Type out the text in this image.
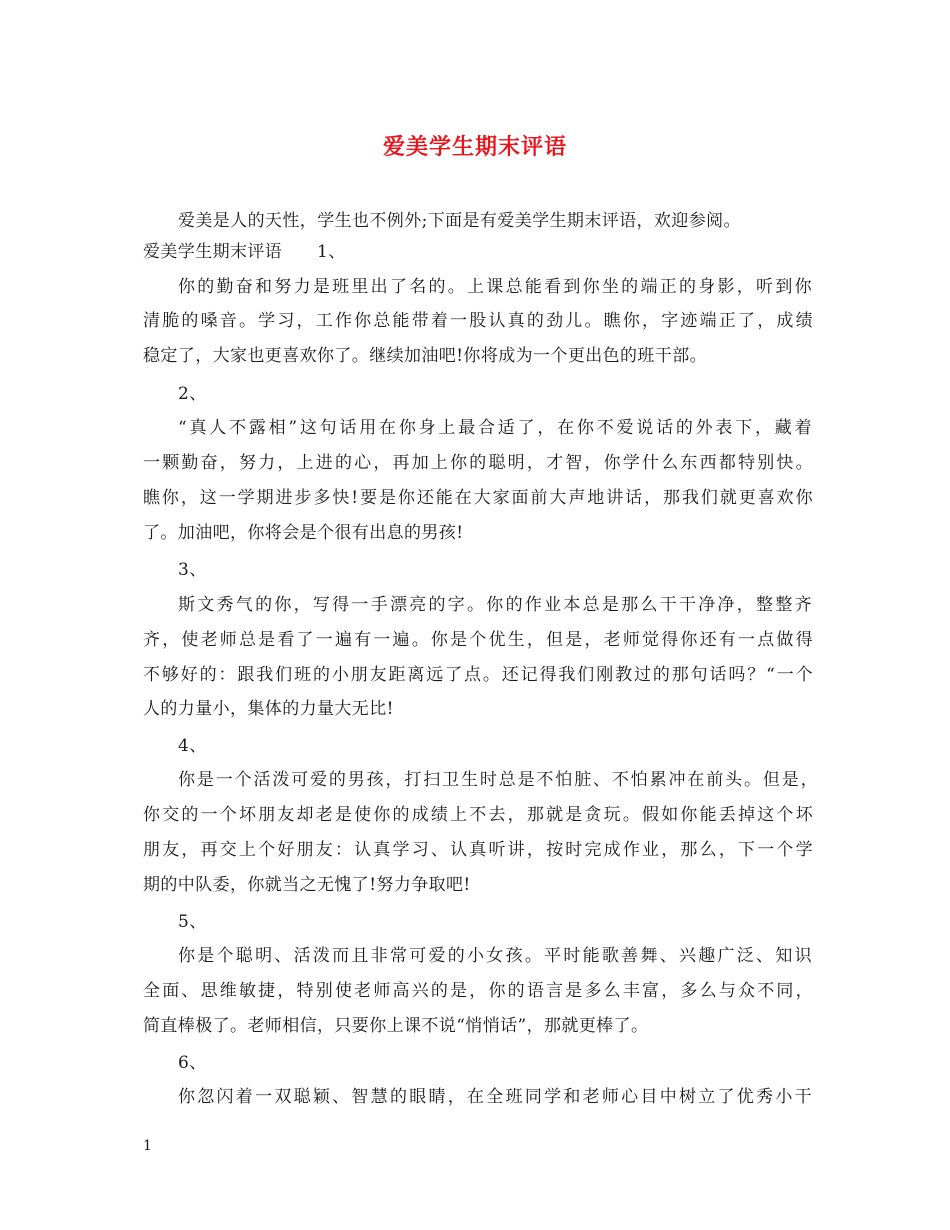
爱美学生期末评语
爱美是人的天性，学生也不例外;下面是有爱美学生期末评语，欢迎参阅。
爱美学生期末评语　　1、
你的勤奋和努力是班里出了名的。上课总能看到你坐的端正的身影，听到你
清脆的嗓音。学习，工作你总能带着一股认真的劲儿。瞧你，字迹端正了，成绩
稳定了，大家也更喜欢你了。继续加油吧!你将成为一个更出色的班干部。
2、
“真人不露相”这句话用在你身上最合适了，在你不爱说话的外表下，藏着
一颗勤奋，努力，上进的心，再加上你的聪明，才智，你学什么东西都特别快。
瞧你，这一学期进步多快!要是你还能在大家面前大声地讲话，那我们就更喜欢你
了。加油吧，你将会是个很有出息的男孩!
3、
斯文秀气的你，写得一手漂亮的字。你的作业本总是那么干干净净，整整齐
齐，使老师总是看了一遍有一遍。你是个优生，但是，老师觉得你还有一点做得
不够好的：跟我们班的小朋友距离远了点。还记得我们刚教过的那句话吗？“一个
人的力量小，集体的力量大无比!
4、
你是一个活泼可爱的男孩，打扫卫生时总是不怕脏、不怕累冲在前头。但是，
你交的一个坏朋友却老是使你的成绩上不去，那就是贪玩。假如你能丢掉这个坏
朋友，再交上个好朋友：认真学习、认真听讲，按时完成作业，那么，下一个学
期的中队委，你就当之无愧了!努力争取吧!
5、
你是个聪明、活泼而且非常可爱的小女孩。平时能歌善舞、兴趣广泛、知识
全面、思维敏捷，特别使老师高兴的是，你的语言是多么丰富，多么与众不同，
简直棒极了。老师相信，只要你上课不说“悄悄话”，那就更棒了。
6、
你忽闪着一双聪颖、智慧的眼睛，在全班同学和老师心目中树立了优秀小干
1
